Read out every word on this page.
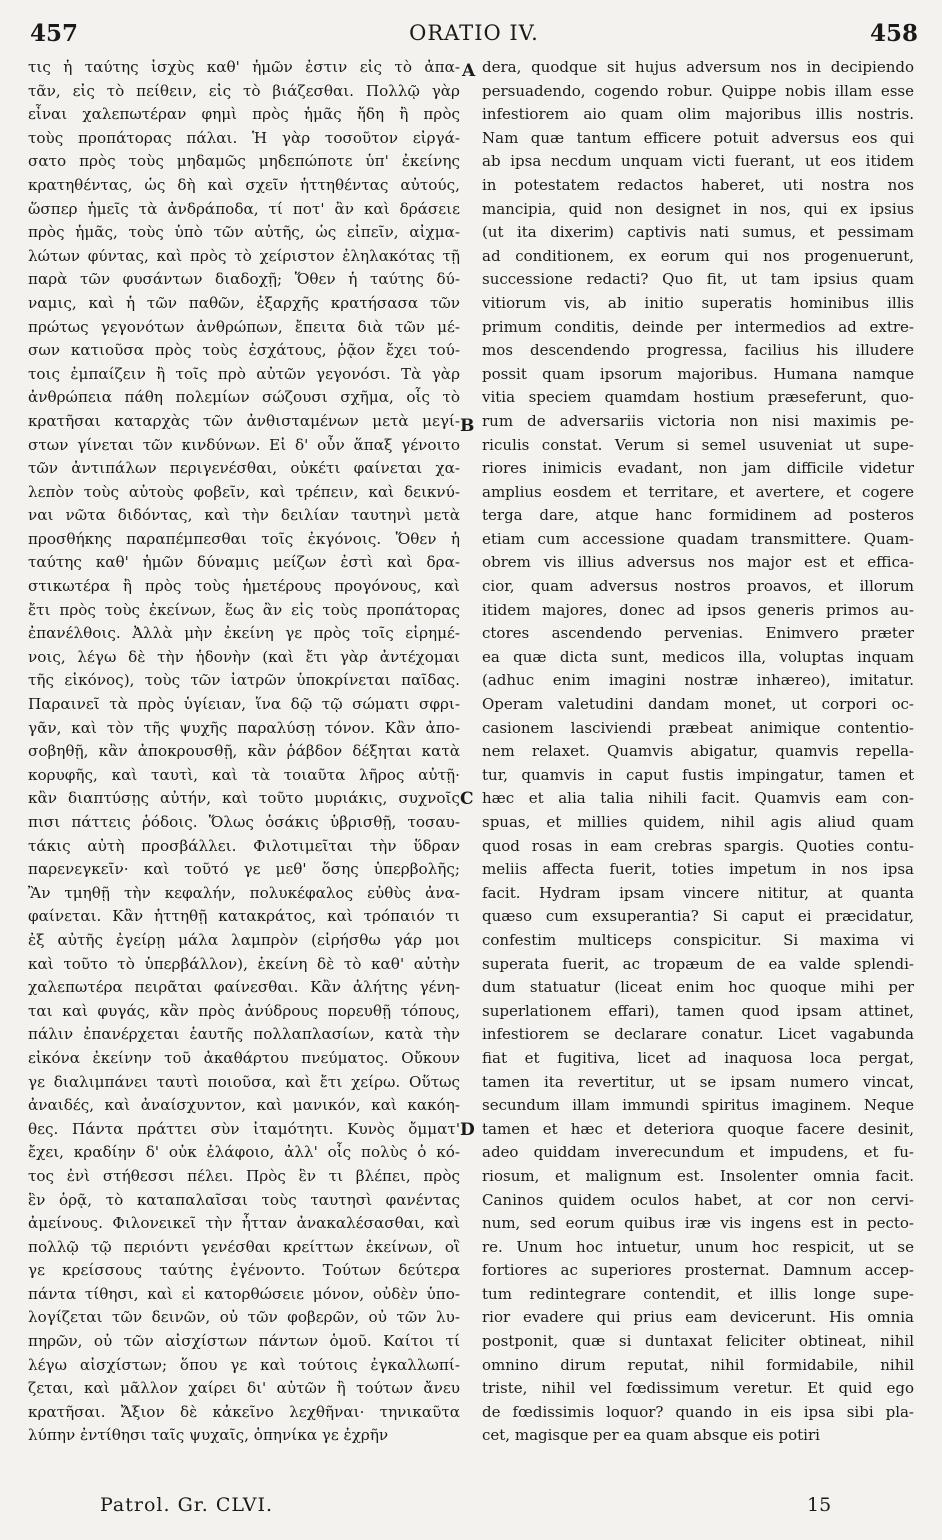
457	ORATIO IV.	458
τις ἡ ταύτης ἰσχὺς καθ' ἡμῶν ἐστιν εἰς τὸ ἀπα-
τᾶν, εἰς τὸ πείθειν, εἰς τὸ βιάζεσθαι. Πολλῷ γὰρ
εἶναι χαλεπωτέραν φημὶ πρὸς ἡμᾶς ἤδη ἢ πρὸς
τοὺς προπάτορας πάλαι. Ἡ γὰρ τοσοῦτον εἰργά-
σατο πρὸς τοὺς μηδαμῶς μηδεπώποτε ὑπ' ἐκείνης
κρατηθέντας, ὡς δὴ καὶ σχεῖν ἡττηθέντας αὐτούς,
ὥσπερ ἡμεῖς τὰ ἀνδράποδα, τί ποτ' ἂν καὶ δράσειε
πρὸς ἡμᾶς, τοὺς ὑπὸ τῶν αὐτῆς, ὡς εἰπεῖν, αἰχμα-
λώτων φύντας, καὶ πρὸς τὸ χείριστον ἐληλακότας τῇ
παρὰ τῶν φυσάντων διαδοχῇ; Ὅθεν ἡ ταύτης δύ-
ναμις, καὶ ἡ τῶν παθῶν, ἐξαρχῆς κρατήσασα τῶν
πρώτως γεγονότων ἀνθρώπων, ἔπειτα διὰ τῶν μέ-
σων κατιοῦσα πρὸς τοὺς ἐσχάτους, ῥᾷον ἔχει τού-
τοις ἐμπαίζειν ἢ τοῖς πρὸ αὐτῶν γεγονόσι. Τὰ γὰρ
ἀνθρώπεια πάθη πολεμίων σώζουσι σχῆμα, οἷς τὸ
κρατῆσαι καταρχὰς τῶν ἀνθισταμένων μετὰ μεγί-
στων γίνεται τῶν κινδύνων. Εἰ δ' οὖν ἅπαξ γένοιτο
τῶν ἀντιπάλων περιγενέσθαι, οὐκέτι φαίνεται χα-
λεπὸν τοὺς αὐτοὺς φοβεῖν, καὶ τρέπειν, καὶ δεικνύ-
ναι νῶτα διδόντας, καὶ τὴν δειλίαν ταυτηνὶ μετὰ
προσθήκης παραπέμπεσθαι τοῖς ἐκγόνοις. Ὅθεν ἡ
ταύτης καθ' ἡμῶν δύναμις μείζων ἐστὶ καὶ δρα-
στικωτέρα ἢ πρὸς τοὺς ἡμετέρους προγόνους, καὶ
ἔτι πρὸς τοὺς ἐκείνων, ἕως ἂν εἰς τοὺς προπάτορας
ἐπανέλθοις. Ἀλλὰ μὴν ἐκείνη γε πρὸς τοῖς εἰρημέ-
νοις, λέγω δὲ τὴν ἡδονὴν (καὶ ἔτι γὰρ ἀντέχομαι
τῆς εἰκόνος), τοὺς τῶν ἰατρῶν ὑποκρίνεται παῖδας.
Παραινεῖ τὰ πρὸς ὑγίειαν, ἵνα δῷ τῷ σώματι σφρι-
γᾶν, καὶ τὸν τῆς ψυχῆς παραλύσῃ τόνον. Κἂν ἀπο-
σοβηθῇ, κἂν ἀποκρουσθῇ, κἂν ῥάβδον δέξηται κατὰ
κορυφῆς, καὶ ταυτὶ, καὶ τὰ τοιαῦτα λῆρος αὐτῇ·
κἂν διαπτύσῃς αὐτήν, καὶ τοῦτο μυριάκις, συχνοῖς
πισι πάττεις ῥόδοις. Ὅλως ὁσάκις ὑβρισθῇ, τοσαυ-
τάκις αὐτὴ προσβάλλει. Φιλοτιμεῖται τὴν ὕδραν
παρενεγκεῖν· καὶ τοῦτό γε μεθ' ὅσης ὑπερβολῆς;
Ἂν τμηθῇ τὴν κεφαλήν, πολυκέφαλος εὐθὺς ἀνα-
φαίνεται. Κἂν ἡττηθῇ κατακράτος, καὶ τρόπαιόν τι
ἐξ αὐτῆς ἐγείρῃ μάλα λαμπρὸν (εἰρήσθω γάρ μοι
καὶ τοῦτο τὸ ὑπερβάλλον), ἐκείνη δὲ τὸ καθ' αὐτὴν
χαλεπωτέρα πειρᾶται φαίνεσθαι. Κἂν ἀλήτης γένη-
ται καὶ φυγάς, κἂν πρὸς ἀνύδρους πορευθῇ τόπους,
πάλιν ἐπανέρχεται ἑαυτῆς πολλαπλασίων, κατὰ τὴν
εἰκόνα ἐκείνην τοῦ ἀκαθάρτου πνεύματος. Οὔκουν
γε διαλιμπάνει ταυτὶ ποιοῦσα, καὶ ἔτι χείρω. Οὕτως
ἀναιδές, καὶ ἀναίσχυντον, καὶ μανικόν, καὶ κακόη-
θες. Πάντα πράττει σὺν ἰταμότητι. Κυνὸς ὄμματ'
ἔχει, κραδίην δ' οὐκ ἐλάφοιο, ἀλλ' οἷς πολὺς ὁ κό-
τος ἐνὶ στήθεσσι πέλει. Πρὸς ἓν τι βλέπει, πρὸς
ἓν ὁρᾷ, τὸ καταπαλαῖσαι τοὺς ταυτησὶ φανέντας
ἀμείνους. Φιλονεικεῖ τὴν ἧτταν ἀνακαλέσασθαι, καὶ
πολλῷ τῷ περιόντι γενέσθαι κρείττων ἐκείνων, οἳ
γε κρείσσους ταύτης ἐγένοντο. Τούτων δεύτερα
πάντα τίθησι, καὶ εἰ κατορθώσειε μόνον, οὐδὲν ὑπο-
λογίζεται τῶν δεινῶν, οὐ τῶν φοβερῶν, οὐ τῶν λυ-
πηρῶν, οὐ τῶν αἰσχίστων πάντων ὁμοῦ. Καίτοι τί
λέγω αἰσχίστων; ὅπου γε καὶ τούτοις ἐγκαλλωπί-
ζεται, καὶ μᾶλλον χαίρει δι' αὐτῶν ἢ τούτων ἄνευ
κρατῆσαι. Ἄξιον δὲ κἀκεῖνο λεχθῆναι· τηνικαῦτα
λύπην ἐντίθησι ταῖς ψυχαῖς, ὁπηνίκα γε ἐχρῆν
dera, quodque sit hujus adversum nos in decipiendo
persuadendo, cogendo robur. Quippe nobis illam esse
infestiorem aio quam olim majoribus illis nostris.
Nam quæ tantum efficere potuit adversus eos qui
ab ipsa necdum unquam victi fuerant, ut eos itidem
in potestatem redactos haberet, uti nostra nos
mancipia, quid non designet in nos, qui ex ipsius
(ut ita dixerim) captivis nati sumus, et pessimam
ad conditionem, ex eorum qui nos progenuerunt,
successione redacti? Quo fit, ut tam ipsius quam
vitiorum vis, ab initio superatis hominibus illis
primum conditis, deinde per intermedios ad extre-
mos descendendo progressa, facilius his illudere
possit quam ipsorum majoribus. Humana namque
vitia speciem quamdam hostium præseferunt, quo-
rum de adversariis victoria non nisi maximis pe-
riculis constat. Verum si semel usuveniat ut supe-
riores inimicis evadant, non jam difficile videtur
amplius eosdem et territare, et avertere, et cogere
terga dare, atque hanc formidinem ad posteros
etiam cum accessione quadam transmittere. Quam-
obrem vis illius adversus nos major est et effica-
cior, quam adversus nostros proavos, et illorum
itidem majores, donec ad ipsos generis primos au-
ctores ascendendo pervenias. Enimvero præter
ea quæ dicta sunt, medicos illa, voluptas inquam
(adhuc enim imagini nostræ inhæreo), imitatur.
Operam valetudini dandam monet, ut corpori oc-
casionem lasciviendi præbeat animique contentio-
nem relaxet. Quamvis abigatur, quamvis repella-
tur, quamvis in caput fustis impingatur, tamen et
hæc et alia talia nihili facit. Quamvis eam con-
spuas, et millies quidem, nihil agis aliud quam
quod rosas in eam crebras spargis. Quoties contu-
meliis affecta fuerit, toties impetum in nos ipsa
facit. Hydram ipsam vincere nititur, at quanta
quæso cum exsuperantia? Si caput ei præcidatur,
confestim multiceps conspicitur. Si maxima vi
superata fuerit, ac tropæum de ea valde splendi-
dum statuatur (liceat enim hoc quoque mihi per
superlationem effari), tamen quod ipsam attinet,
infestiorem se declarare conatur. Licet vagabunda
fiat et fugitiva, licet ad inaquosa loca pergat,
tamen ita revertitur, ut se ipsam numero vincat,
secundum illam immundi spiritus imaginem. Neque
tamen et hæc et deteriora quoque facere desinit,
adeo quiddam inverecundum et impudens, et fu-
riosum, et malignum est. Insolenter omnia facit.
Caninos quidem oculos habet, at cor non cervi-
num, sed eorum quibus iræ vis ingens est in pecto-
re. Unum hoc intuetur, unum hoc respicit, ut se
fortiores ac superiores prosternat. Damnum accep-
tum redintegrare contendit, et illis longe supe-
rior evadere qui prius eam devicerunt. His omnia
postponit, quæ si duntaxat feliciter obtineat, nihil
omnino dirum reputat, nihil formidabile, nihil
triste, nihil vel fœdissimum veretur. Et quid ego
de fœdissimis loquor? quando in eis ipsa sibi pla-
cet, magisque per ea quam absque eis potiri
A
B
C
D
Patrol. Gr. CLVI.	15
